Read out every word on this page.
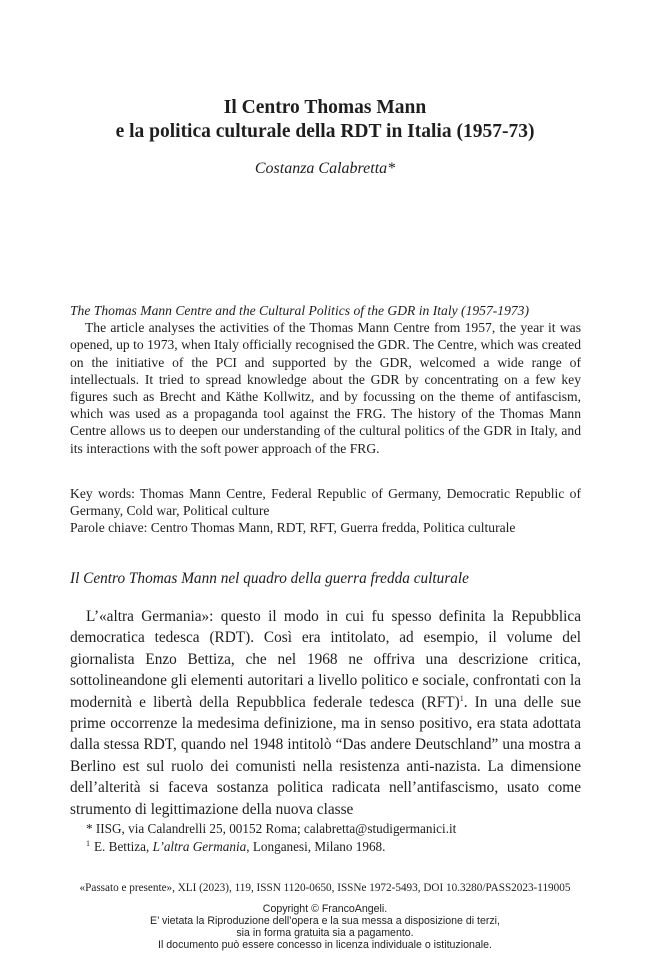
Il Centro Thomas Mann
e la politica culturale della RDT in Italia (1957-73)
Costanza Calabretta*
The Thomas Mann Centre and the Cultural Politics of the GDR in Italy (1957-1973)

The article analyses the activities of the Thomas Mann Centre from 1957, the year it was opened, up to 1973, when Italy officially recognised the GDR. The Centre, which was created on the initiative of the PCI and supported by the GDR, welcomed a wide range of intellectuals. It tried to spread knowledge about the GDR by concentrating on a few key figures such as Brecht and Käthe Kollwitz, and by focussing on the theme of antifascism, which was used as a propaganda tool against the FRG. The history of the Thomas Mann Centre allows us to deepen our understanding of the cultural politics of the GDR in Italy, and its interactions with the soft power approach of the FRG.

Key words: Thomas Mann Centre, Federal Republic of Germany, Democratic Republic of Germany, Cold war, Political culture

Parole chiave: Centro Thomas Mann, RDT, RFT, Guerra fredda, Politica culturale

Il Centro Thomas Mann nel quadro della guerra fredda culturale

L’«altra Germania»: questo il modo in cui fu spesso definita la Repubblica democratica tedesca (RDT). Così era intitolato, ad esempio, il volume del giornalista Enzo Bettiza, che nel 1968 ne offriva una descrizione critica, sottolineandone gli elementi autoritari a livello politico e sociale, confrontati con la modernità e libertà della Repubblica federale tedesca (RFT)$^1$. In una delle sue prime occorrenze la medesima definizione, ma in senso positivo, era stata adottata dalla stessa RDT, quando nel 1948 intitolò “Das andere Deutschland” una mostra a Berlino est sul ruolo dei comunisti nella resistenza anti-nazista. La dimensione dell’alterità si faceva sostanza politica radicata nell’antifascismo, usato come strumento di legittimazione della nuova classe

* IISG, via Calandrelli 25, 00152 Roma; calabretta@studigermanici.it
$^1$ E. Bettiza, L’altra Germania, Longanesi, Milano 1968.
«Passato e presente», XLI (2023), 119, ISSN 1120-0650, ISSNe 1972-5493, DOI 10.3280/PASS2023-119005
Copyright © FrancoAngeli.
E’ vietata la Riproduzione dell’opera e la sua messa a disposizione di terzi,
sia in forma gratuita sia a pagamento.
Il documento può essere concesso in licenza individuale o istituzionale.
